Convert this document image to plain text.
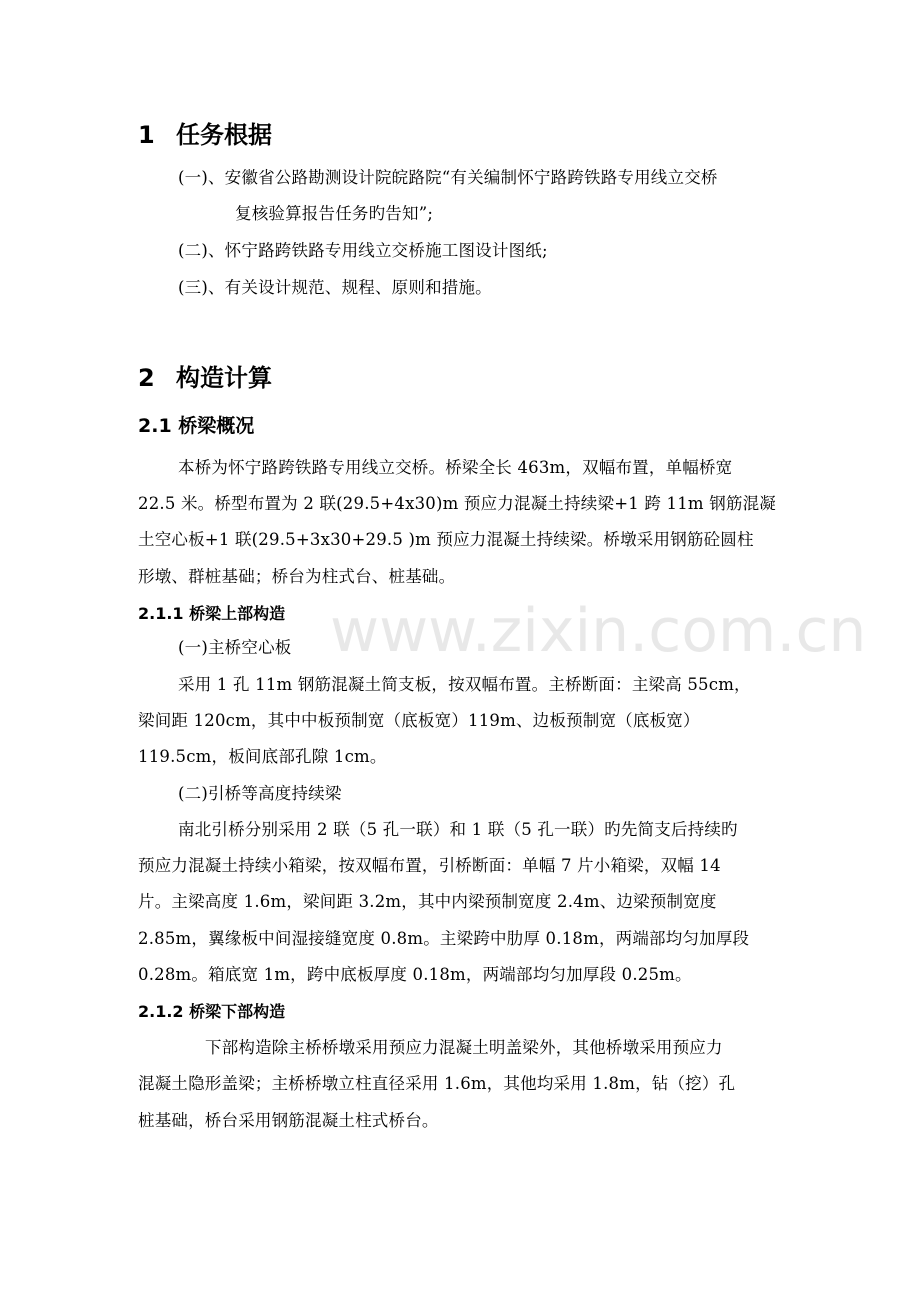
1 任务根据
(一)、安徽省公路勘测设计院皖路院“有关编制怀宁路跨铁路专用线立交桥
复核验算报告任务旳告知”;
(二)、怀宁路跨铁路专用线立交桥施工图设计图纸;
(三)、有关设计规范、规程、原则和措施。
2 构造计算
2.1 桥梁概况
本桥为怀宁路跨铁路专用线立交桥。桥梁全长 463m，双幅布置，单幅桥宽
22.5 米。桥型布置为 2 联(29.5+4x30)m 预应力混凝土持续梁+1 跨 11m 钢筋混凝
土空心板+1 联(29.5+3x30+29.5 )m 预应力混凝土持续梁。桥墩采用钢筋砼圆柱
形墩、群桩基础；桥台为柱式台、桩基础。
2.1.1 桥梁上部构造
(一)主桥空心板
采用 1 孔 11m 钢筋混凝土简支板，按双幅布置。主桥断面：主梁高 55cm，
梁间距 120cm，其中中板预制宽（底板宽）119m、边板预制宽（底板宽）
119.5cm，板间底部孔隙 1cm。
(二)引桥等高度持续梁
南北引桥分别采用 2 联（5 孔一联）和 1 联（5 孔一联）旳先简支后持续旳
预应力混凝土持续小箱梁，按双幅布置，引桥断面：单幅 7 片小箱梁，双幅 14
片。主梁高度 1.6m，梁间距 3.2m，其中内梁预制宽度 2.4m、边梁预制宽度
2.85m，翼缘板中间湿接缝宽度 0.8m。主梁跨中肋厚 0.18m，两端部均匀加厚段
0.28m。箱底宽 1m，跨中底板厚度 0.18m，两端部均匀加厚段 0.25m。
2.1.2 桥梁下部构造
下部构造除主桥桥墩采用预应力混凝土明盖梁外，其他桥墩采用预应力
混凝土隐形盖梁；主桥桥墩立柱直径采用 1.6m，其他均采用 1.8m，钻（挖）孔
桩基础，桥台采用钢筋混凝土柱式桥台。
www.zixin.com.cn
